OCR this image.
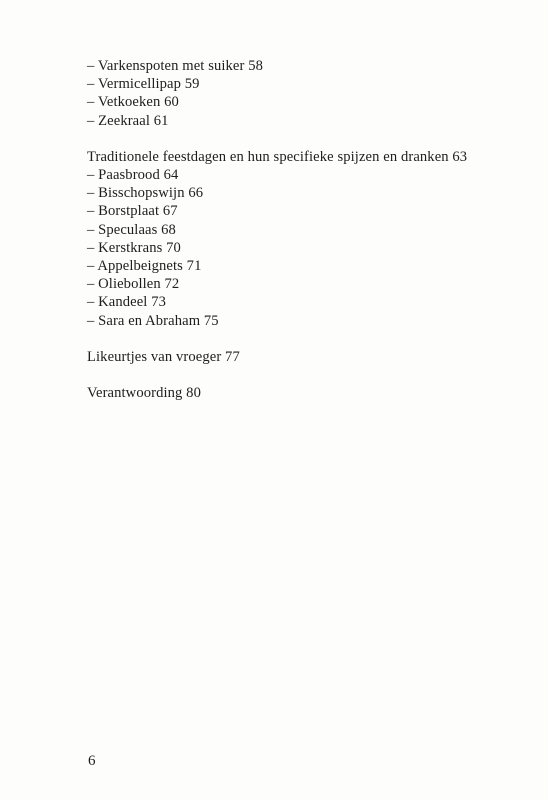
– Varkenspoten met suiker 58
– Vermicellipap 59
– Vetkoeken 60
– Zeekraal 61
Traditionele feestdagen en hun specifieke spijzen en dranken 63
– Paasbrood 64
– Bisschopswijn 66
– Borstplaat 67
– Speculaas 68
– Kerstkrans 70
– Appelbeignets 71
– Oliebollen 72
– Kandeel 73
– Sara en Abraham 75
Likeurtjes van vroeger 77
Verantwoording 80
6
